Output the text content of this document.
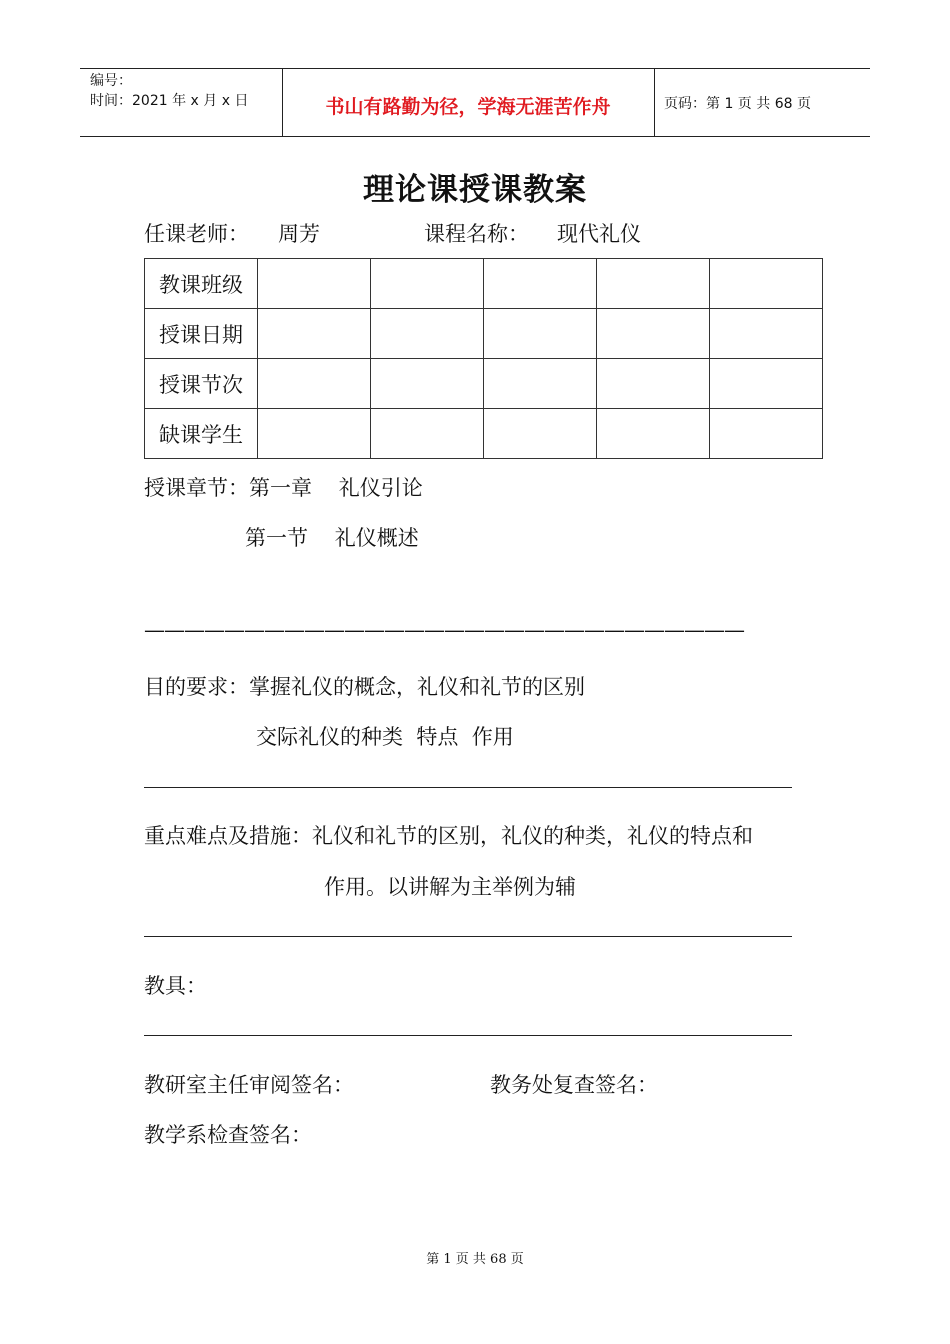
编号：
时间：2021 年 x 月 x 日	书山有路勤为径，学海无涯苦作舟	页码：第 1 页 共 68 页
理论课授课教案
任课老师： 周芳	课程名称： 现代礼仪
教课班级					
授课日期					
授课节次					
缺课学生					
授课章节：第一章    礼仪引论
第一节    礼仪概述
——————————————————————————————
目的要求：掌握礼仪的概念，礼仪和礼节的区别
交际礼仪的种类  特点  作用
重点难点及措施：礼仪和礼节的区别，礼仪的种类，礼仪的特点和
作用。以讲解为主举例为辅
教具：
教研室主任审阅签名：	教务处复查签名：
教学系检查签名：
第 1 页 共 68 页
